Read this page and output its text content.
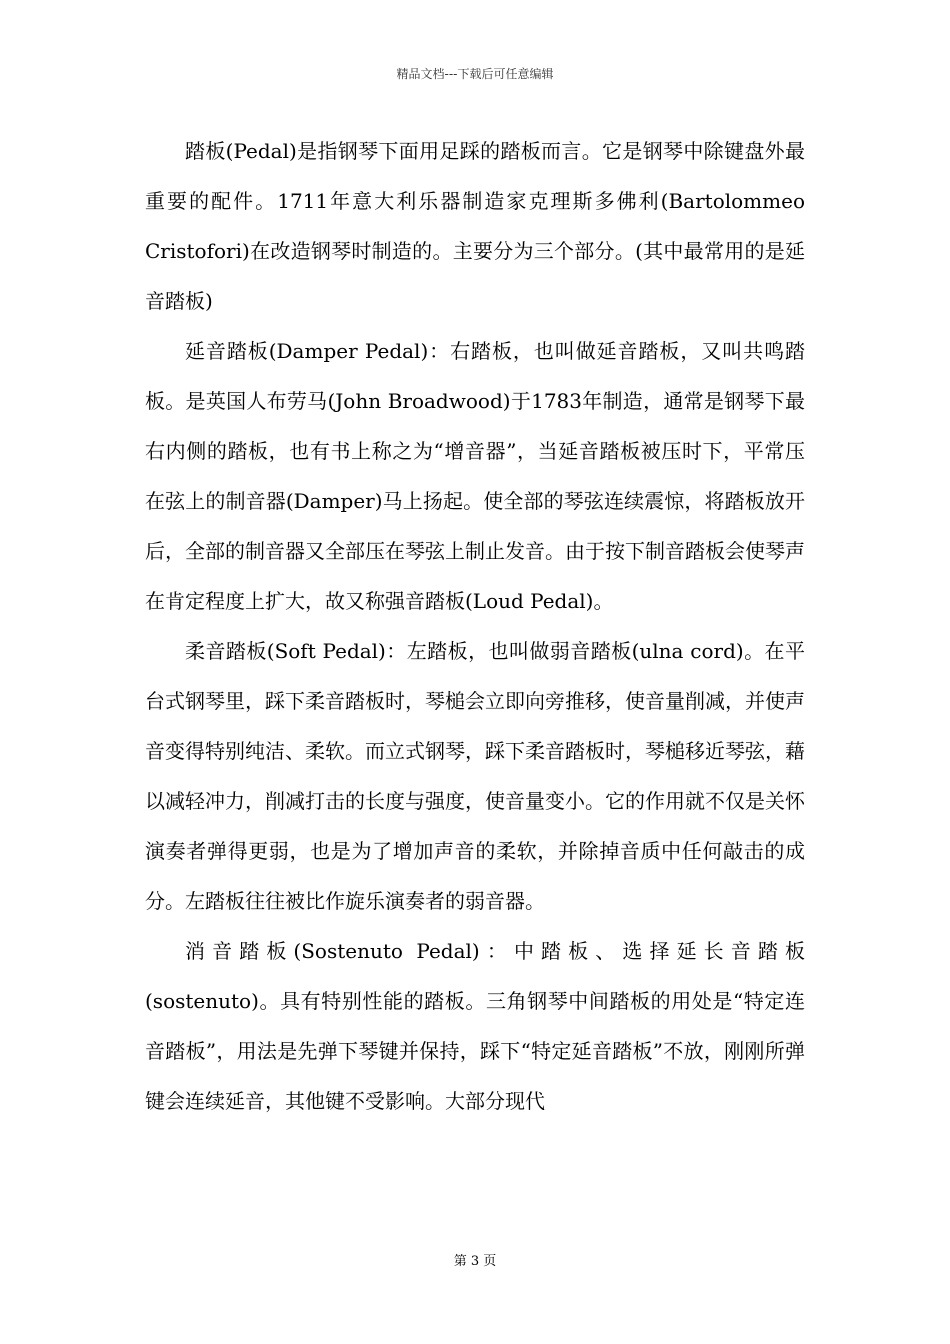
精品文档---下载后可任意编辑

踏板(Pedal)是指钢琴下面用足踩的踏板而言。它是钢琴中除键盘外最重要的配件。1711年意大利乐器制造家克理斯多佛利(Bartolommeo Cristofori)在改造钢琴时制造的。主要分为三个部分。(其中最常用的是延音踏板)

延音踏板(Damper Pedal)：右踏板，也叫做延音踏板，又叫共鸣踏板。是英国人布劳马(John Broadwood)于1783年制造，通常是钢琴下最右内侧的踏板，也有书上称之为“增音器”，当延音踏板被压时下，平常压在弦上的制音器(Damper)马上扬起。使全部的琴弦连续震惊，将踏板放开后，全部的制音器又全部压在琴弦上制止发音。由于按下制音踏板会使琴声在肯定程度上扩大，故又称强音踏板(Loud Pedal)。

柔音踏板(Soft Pedal)：左踏板，也叫做弱音踏板(ulna cord)。在平台式钢琴里，踩下柔音踏板时，琴槌会立即向旁推移，使音量削减，并使声音变得特别纯洁、柔软。而立式钢琴，踩下柔音踏板时，琴槌移近琴弦，藉以减轻冲力，削减打击的长度与强度，使音量变小。它的作用就不仅是关怀演奏者弹得更弱，也是为了增加声音的柔软，并除掉音质中任何敲击的成分。左踏板往往被比作旋乐演奏者的弱音器。

消音踏板(Sostenuto Pedal)：中踏板、选择延长音踏板(sostenuto)。具有特别性能的踏板。三角钢琴中间踏板的用处是“特定连音踏板”，用法是先弹下琴键并保持，踩下“特定延音踏板”不放，刚刚所弹键会连续延音，其他键不受影响。大部分现代

第 3 页
